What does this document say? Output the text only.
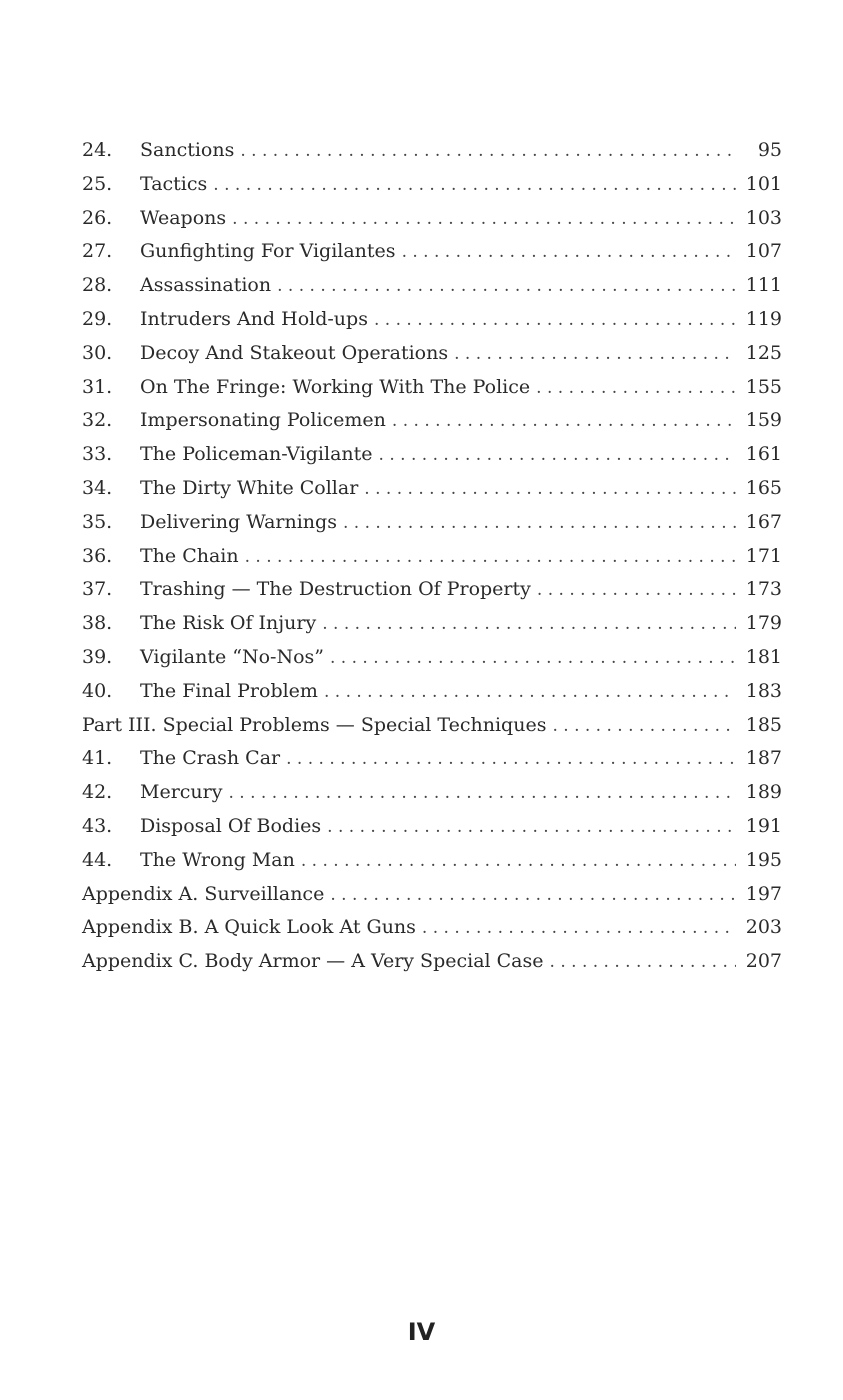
24.	Sanctions . . .	95
25.	Tactics . . .	101
26.	Weapons . . .	103
27.	Gunfighting For Vigilantes . . .	107
28.	Assassination . . .	111
29.	Intruders And Hold-ups . . .	119
30.	Decoy And Stakeout Operations . . .	125
31.	On The Fringe: Working With The Police . . .	155
32.	Impersonating Policemen . . .	159
33.	The Policeman-Vigilante . . .	161
34.	The Dirty White Collar . . .	165
35.	Delivering Warnings . . .	167
36.	The Chain . . .	171
37.	Trashing — The Destruction Of Property . . .	173
38.	The Risk Of Injury . . .	179
39.	Vigilante “No-Nos” . . .	181
40.	The Final Problem . . .	183
Part III. Special Problems — Special Techniques . . .	185
41.	The Crash Car . . .	187
42.	Mercury . . .	189
43.	Disposal Of Bodies . . .	191
44.	The Wrong Man . . .	195
Appendix A. Surveillance . . .	197
Appendix B. A Quick Look At Guns . . .	203
Appendix C. Body Armor — A Very Special Case . . .	207
IV
